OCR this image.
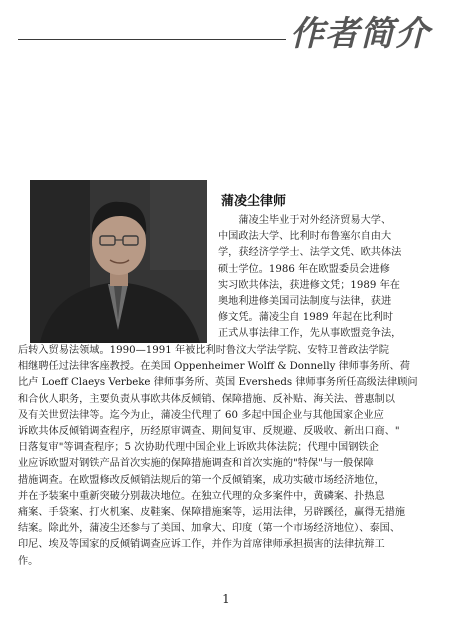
作者简介
蒲凌尘律师
　　蒲凌尘毕业于对外经济贸易大学、
中国政法大学、比利时布鲁塞尔自由大
学，获经济学学士、法学文凭、欧共体法
硕士学位。1986 年在欧盟委员会进修
实习欧共体法，获进修文凭；1989 年在
奥地利进修美国司法制度与法律，获进
修文凭。蒲凌尘自 1989 年起在比利时
正式从事法律工作，先从事欧盟竞争法，
后转入贸易法领域。1990—1991 年被比利时鲁汶大学法学院、安特卫普政法学院
相继聘任过法律客座教授。在美国 Oppenheimer Wolff & Donnelly 律师事务所、荷
比卢 Loeff Claeys Verbeke 律师事务所、英国 Eversheds 律师事务所任高级法律顾问
和合伙人职务，主要负责从事欧共体反倾销、保障措施、反补贴、海关法、普惠制以
及有关世贸法律等。迄今为止，蒲凌尘代理了 60 多起中国企业与其他国家企业应
诉欧共体反倾销调查程序，历经原审调查、期间复审、反规避、反吸收、新出口商、"
日落复审"等调查程序；5 次协助代理中国企业上诉欧共体法院；代理中国钢铁企
业应诉欧盟对钢铁产品首次实施的保障措施调查和首次实施的"特保"与一般保障
措施调查。在欧盟修改反倾销法规后的第一个反倾销案，成功实破市场经济地位，
并在予装案中重新突破分别裁决地位。在独立代理的众多案件中，黄磷案、扑热息
痛案、手袋案、打火机案、皮鞋案、保障措施案等，运用法律，另辟蹊径，赢得无措施
结案。除此外，蒲凌尘还参与了美国、加拿大、印度（第一个市场经济地位）、泰国、
印尼、埃及等国家的反倾销调查应诉工作，并作为首席律师承担损害的法律抗辩工
作。
1
